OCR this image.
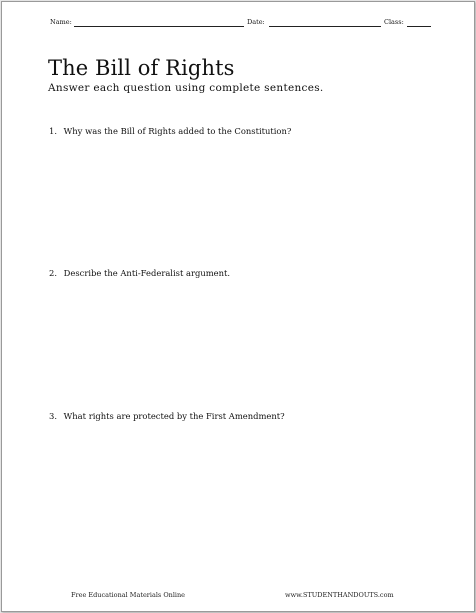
Name:	Date:	Class:
The Bill of Rights
Answer each question using complete sentences.
1. Why was the Bill of Rights added to the Constitution?
2. Describe the Anti-Federalist argument.
3. What rights are protected by the First Amendment?
Free Educational Materials Online	www.STUDENTHANDOUTS.com
